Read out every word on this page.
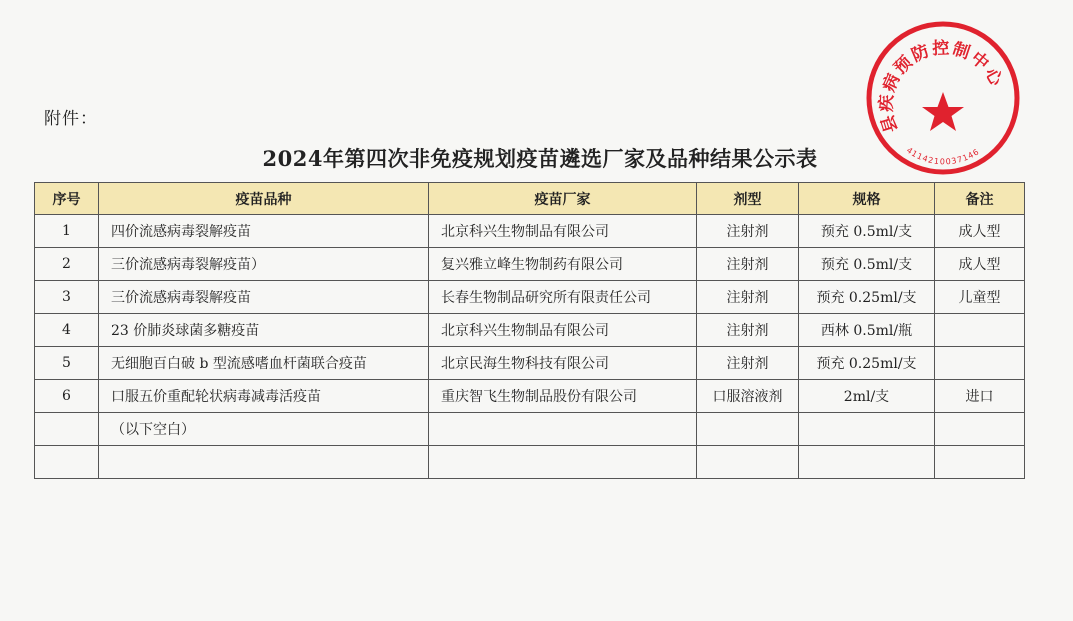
附件：
2024年第四次非免疫规划疫苗遴选厂家及品种结果公示表
县疾病预防控制中心
4114210037146
序号	疫苗品种	疫苗厂家	剂型	规格	备注
1	四价流感病毒裂解疫苗	北京科兴生物制品有限公司	注射剂	预充 0.5ml/支	成人型
2	三价流感病毒裂解疫苗）	复兴雅立峰生物制药有限公司	注射剂	预充 0.5ml/支	成人型
3	三价流感病毒裂解疫苗	长春生物制品研究所有限责任公司	注射剂	预充 0.25ml/支	儿童型
4	23 价肺炎球菌多糖疫苗	北京科兴生物制品有限公司	注射剂	西林 0.5ml/瓶	
5	无细胞百白破 b 型流感嗜血杆菌联合疫苗	北京民海生物科技有限公司	注射剂	预充 0.25ml/支	
6	口服五价重配轮状病毒减毒活疫苗	重庆智飞生物制品股份有限公司	口服溶液剂	2ml/支	进口
	（以下空白）				
